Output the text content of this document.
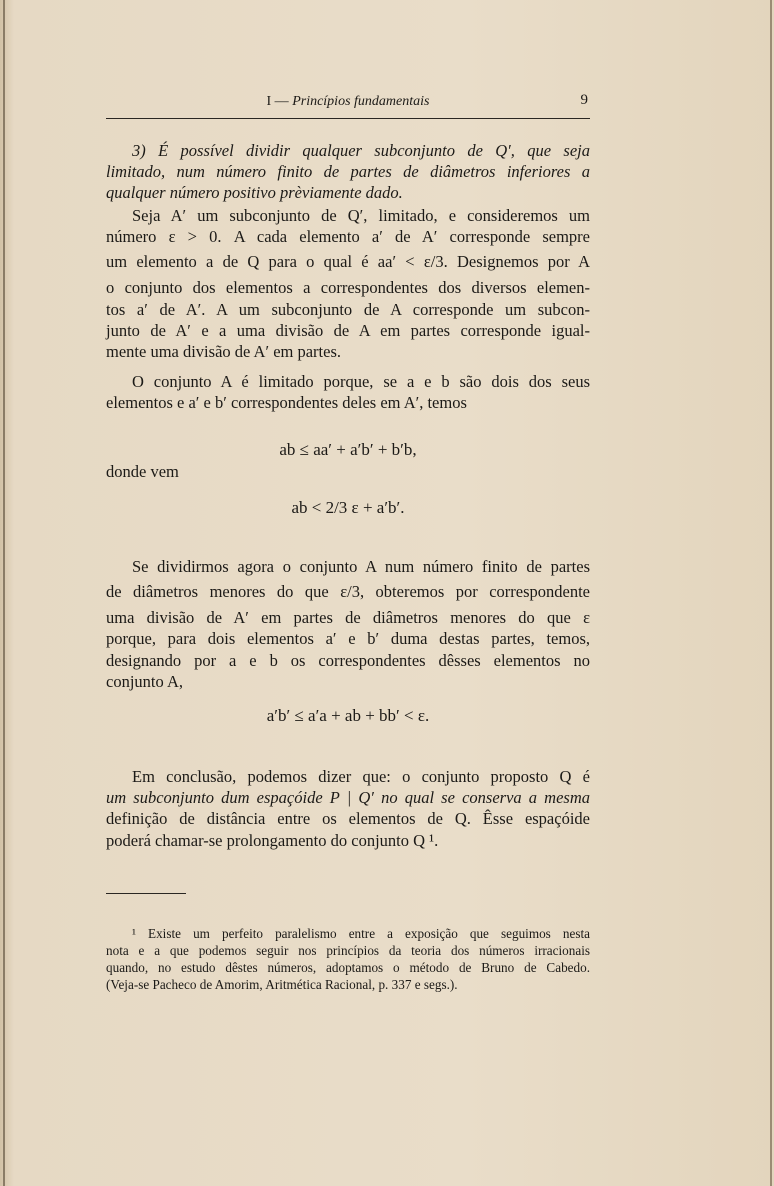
I — Princípios fundamentais	9
3) É possível dividir qualquer subconjunto de Q′, que seja
limitado, num número finito de partes de diâmetros inferiores a
qualquer número positivo prèviamente dado.
Seja A′ um subconjunto de Q′, limitado, e consideremos um
número ε > 0. A cada elemento a′ de A′ corresponde sempre
um elemento a de Q para o qual é aa′ < ε/3. Designemos por A
o conjunto dos elementos a correspondentes dos diversos elemen-
tos a′ de A′. A um subconjunto de A corresponde um subcon-
junto de A′ e a uma divisão de A em partes corresponde igual-
mente uma divisão de A′ em partes.
O conjunto A é limitado porque, se a e b são dois dos seus
elementos e a′ e b′ correspondentes deles em A′, temos
ab ≤ aa′ + a′b′ + b′b,
donde vem
ab < 2/3 ε + a′b′.
Se dividirmos agora o conjunto A num número finito de partes
de diâmetros menores do que ε/3, obteremos por correspondente
uma divisão de A′ em partes de diâmetros menores do que ε
porque, para dois elementos a′ e b′ duma destas partes, temos,
designando por a e b os correspondentes dêsses elementos no
conjunto A,
a′b′ ≤ a′a + ab + bb′ < ε.
Em conclusão, podemos dizer que: o conjunto proposto Q é
um subconjunto dum espaçóide P | Q′ no qual se conserva a mesma
definição de distância entre os elementos de Q. Êsse espaçóide
poderá chamar-se prolongamento do conjunto Q ¹.
¹ Existe um perfeito paralelismo entre a exposição que seguimos nesta
nota e a que podemos seguir nos princípios da teoria dos números irracionais
quando, no estudo dêstes números, adoptamos o método de Bruno de Cabedo.
(Veja-se Pacheco de Amorim, Aritmética Racional, p. 337 e segs.).
